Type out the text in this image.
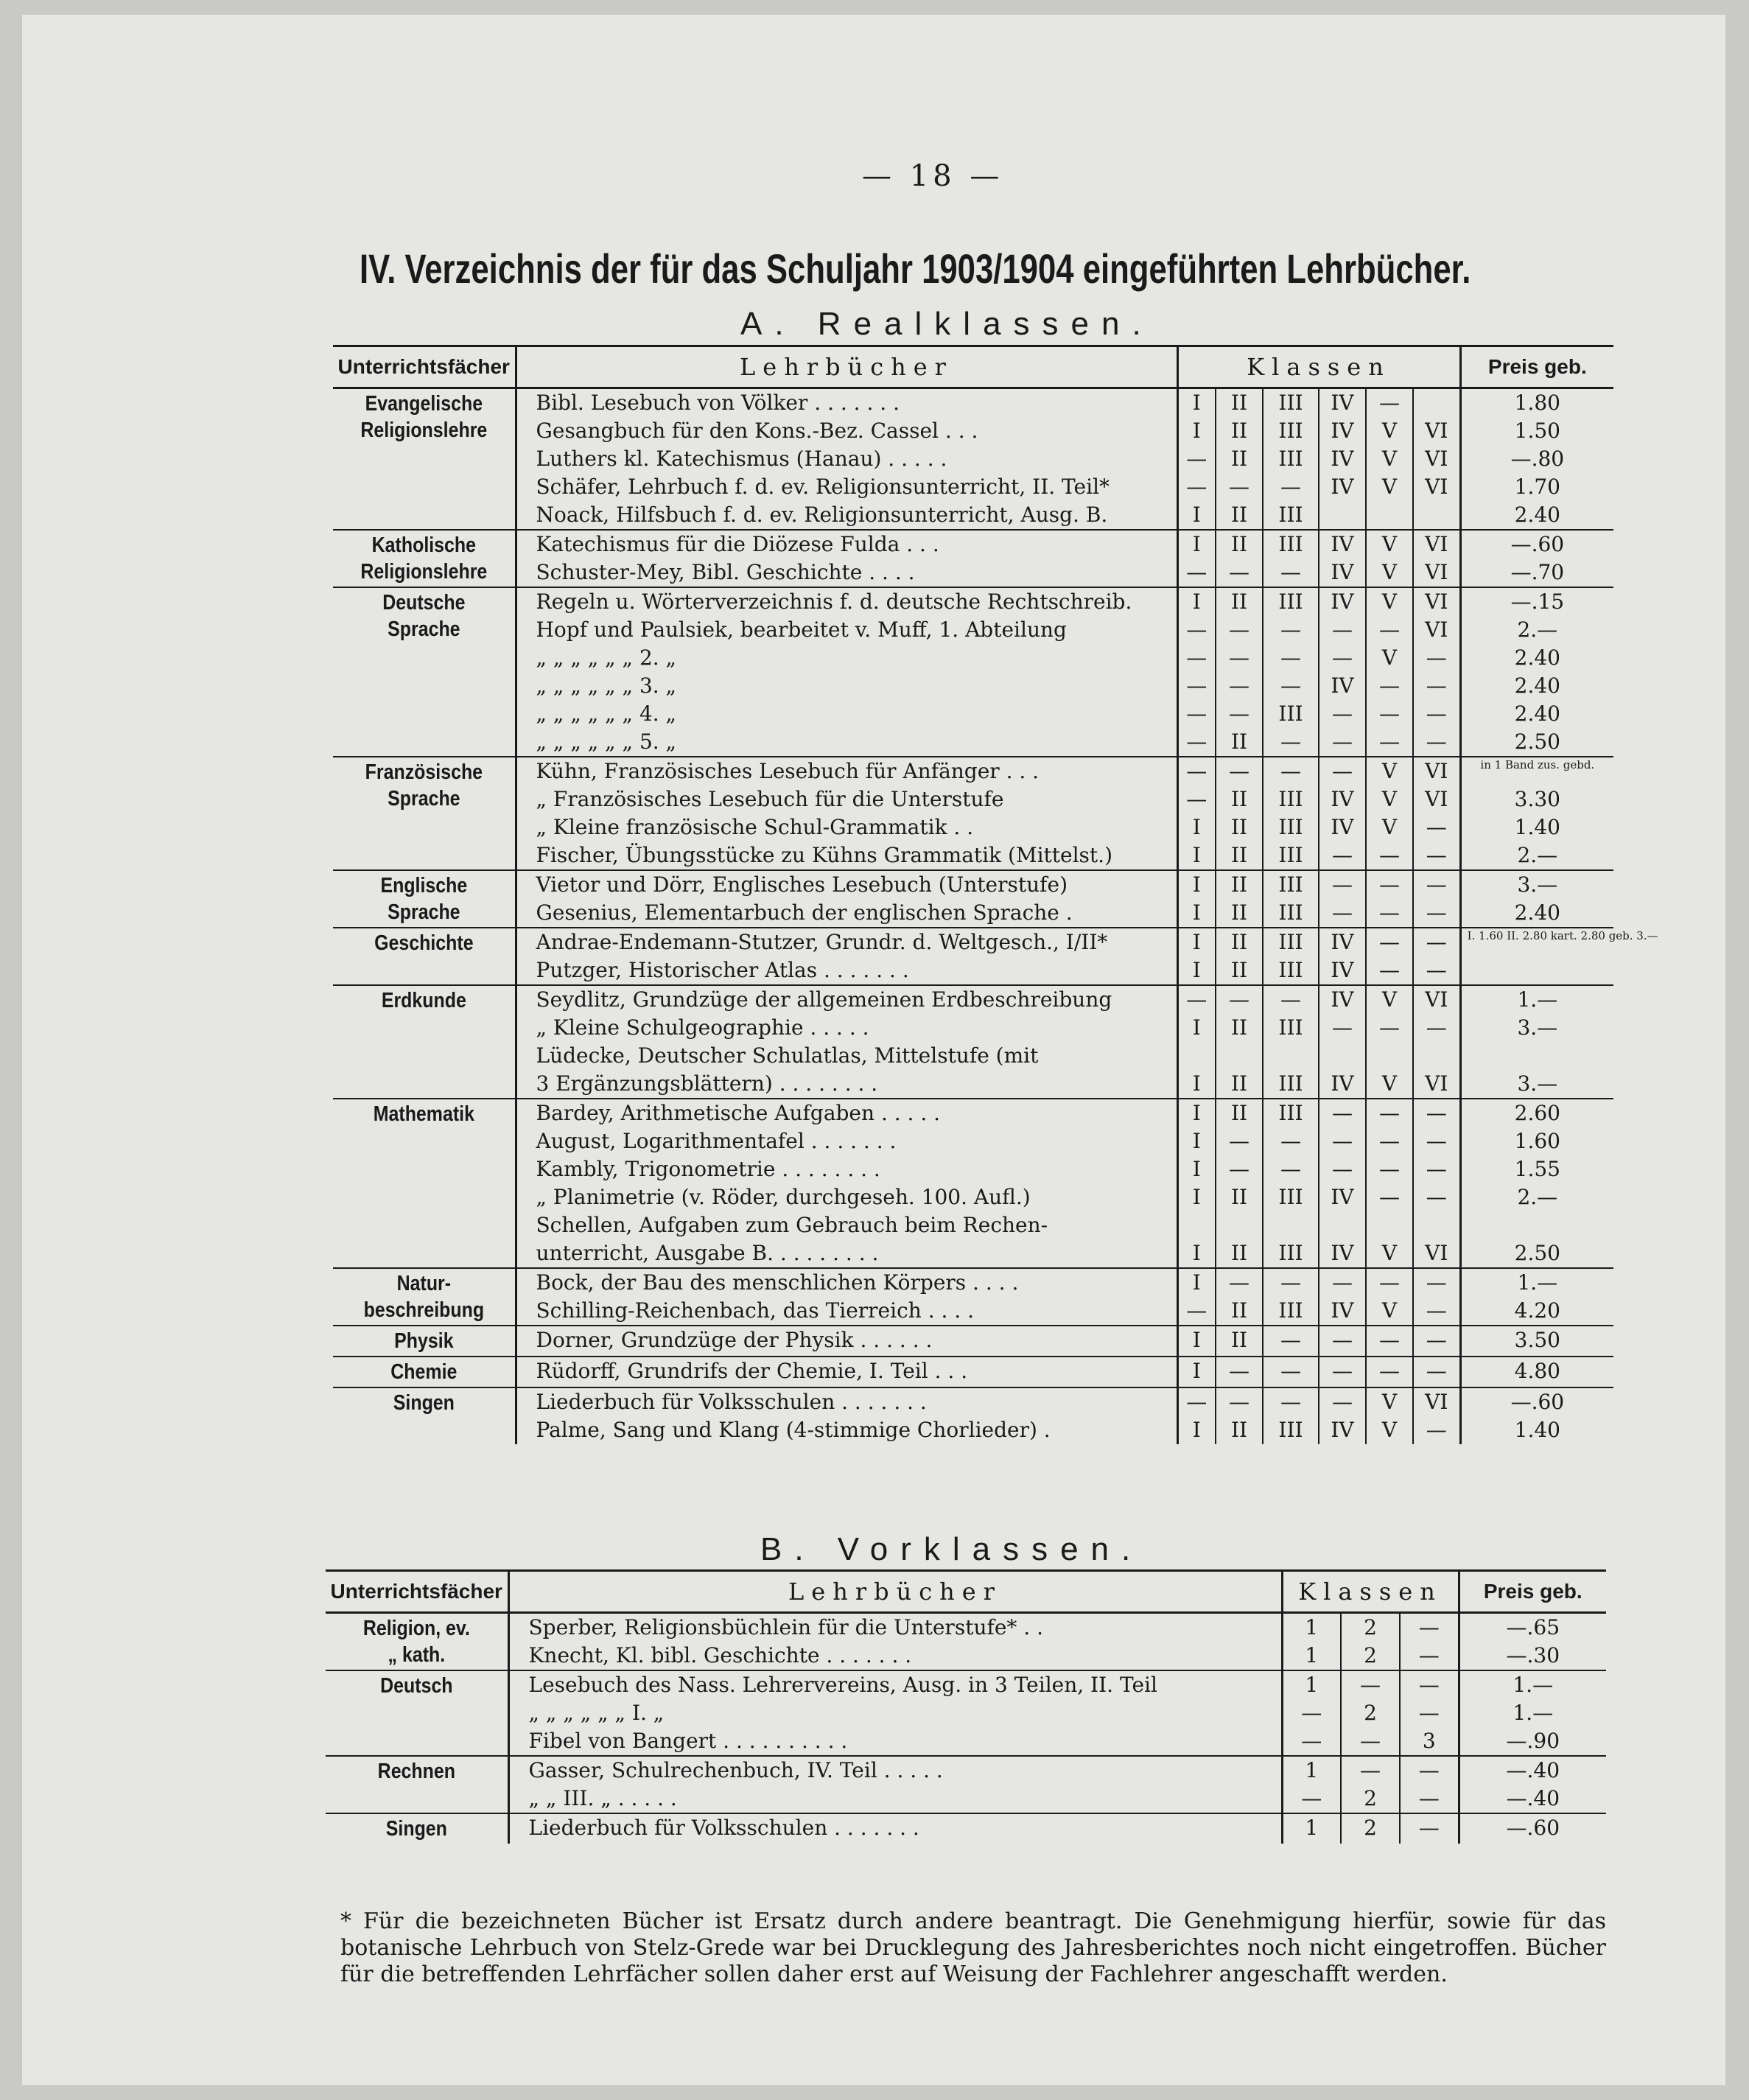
— 18 —
IV. Verzeichnis der für das Schuljahr 1903/1904 eingeführten Lehrbücher.
A. Realklassen.
Unterrichtsfächer	Lehrbücher	Klassen						Preis geb.
Evangelische
Religionslehre	Bibl. Lesebuch von Völker . . . . . . .	I	II	III	IV	—		1.80
	Gesangbuch für den Kons.-Bez. Cassel . . .	I	II	III	IV	V	VI	1.50
	Luthers kl. Katechismus (Hanau) . . . . .	—	II	III	IV	V	VI	—.80
	Schäfer, Lehrbuch f. d. ev. Religionsunterricht, II. Teil*	—	—	—	IV	V	VI	1.70
	Noack, Hilfsbuch f. d. ev. Religionsunterricht, Ausg. B.	I	II	III				2.40
Katholische
Religionslehre	Katechismus für die Diözese Fulda . . .	I	II	III	IV	V	VI	—.60
	Schuster-Mey, Bibl. Geschichte . . . .	—	—	—	IV	V	VI	—.70
Deutsche
Sprache	Regeln u. Wörterverzeichnis f. d. deutsche Rechtschreib.	I	II	III	IV	V	VI	—.15
	Hopf und Paulsiek, bearbeitet v. Muff, 1. Abteilung	—	—	—	—	—	VI	2.—
	„ „ „ „ „ „ 2. „	—	—	—	—	V	—	2.40
	„ „ „ „ „ „ 3. „	—	—	—	IV	—	—	2.40
	„ „ „ „ „ „ 4. „	—	—	III	—	—	—	2.40
	„ „ „ „ „ „ 5. „	—	II	—	—	—	—	2.50
Französische
Sprache	Kühn, Französisches Lesebuch für Anfänger . . .	—	—	—	—	V	VI	in 1 Band zus. gebd.
	„ Französisches Lesebuch für die Unterstufe	—	II	III	IV	V	VI	3.30
	„ Kleine französische Schul-Grammatik . .	I	II	III	IV	V	—	1.40
	Fischer, Übungsstücke zu Kühns Grammatik (Mittelst.)	I	II	III	—	—	—	2.—
Englische
Sprache	Vietor und Dörr, Englisches Lesebuch (Unterstufe)	I	II	III	—	—	—	3.—
	Gesenius, Elementarbuch der englischen Sprache .	I	II	III	—	—	—	2.40
Geschichte	Andrae-Endemann-Stutzer, Grundr. d. Weltgesch., I/II*	I	II	III	IV	—	—	I. 1.60 II. 2.80 kart. 2.80 geb. 3.—
	Putzger, Historischer Atlas . . . . . . .	I	II	III	IV	—	—	
Erdkunde	Seydlitz, Grundzüge der allgemeinen Erdbeschreibung	—	—	—	IV	V	VI	1.—
	„ Kleine Schulgeographie . . . . .	I	II	III	—	—	—	3.—
	Lüdecke, Deutscher Schulatlas, Mittelstufe (mit							
	3 Ergänzungsblättern) . . . . . . . .	I	II	III	IV	V	VI	3.—
Mathematik	Bardey, Arithmetische Aufgaben . . . . .	I	II	III	—	—	—	2.60
	August, Logarithmentafel . . . . . . .	I	—	—	—	—	—	1.60
	Kambly, Trigonometrie . . . . . . . .	I	—	—	—	—	—	1.55
	„ Planimetrie (v. Röder, durchgeseh. 100. Aufl.)	I	II	III	IV	—	—	2.—
	Schellen, Aufgaben zum Gebrauch beim Rechen-							
	unterricht, Ausgabe B. . . . . . . . .	I	II	III	IV	V	VI	2.50
Natur-
beschreibung	Bock, der Bau des menschlichen Körpers . . . .	I	—	—	—	—	—	1.—
	Schilling-Reichenbach, das Tierreich . . . .	—	II	III	IV	V	—	4.20
Physik	Dorner, Grundzüge der Physik . . . . . .	I	II	—	—	—	—	3.50
Chemie	Rüdorff, Grundrifs der Chemie, I. Teil . . .	I	—	—	—	—	—	4.80
Singen	Liederbuch für Volksschulen . . . . . . .	—	—	—	—	V	VI	—.60
	Palme, Sang und Klang (4-stimmige Chorlieder) .	I	II	III	IV	V	—	1.40
B. Vorklassen.
Unterrichtsfächer	Lehrbücher	Klassen			Preis geb.
Religion, ev.
„ kath.	Sperber, Religionsbüchlein für die Unterstufe* . .	1	2	—	—.65
	Knecht, Kl. bibl. Geschichte . . . . . . .	1	2	—	—.30
Deutsch	Lesebuch des Nass. Lehrervereins, Ausg. in 3 Teilen, II. Teil	1	—	—	1.—
	„ „ „ „ „ „ I. „	—	2	—	1.—
	Fibel von Bangert . . . . . . . . . .	—	—	3	—.90
Rechnen	Gasser, Schulrechenbuch, IV. Teil . . . . .	1	—	—	—.40
	„ „ III. „ . . . . .	—	2	—	—.40
Singen	Liederbuch für Volksschulen . . . . . . .	1	2	—	—.60
* Für die bezeichneten Bücher ist Ersatz durch andere beantragt. Die Genehmigung hierfür, sowie für das botanische Lehrbuch von Stelz-Grede war bei Drucklegung des Jahresberichtes noch nicht eingetroffen. Bücher für die betreffenden Lehrfächer sollen daher erst auf Weisung der Fachlehrer angeschafft werden.
